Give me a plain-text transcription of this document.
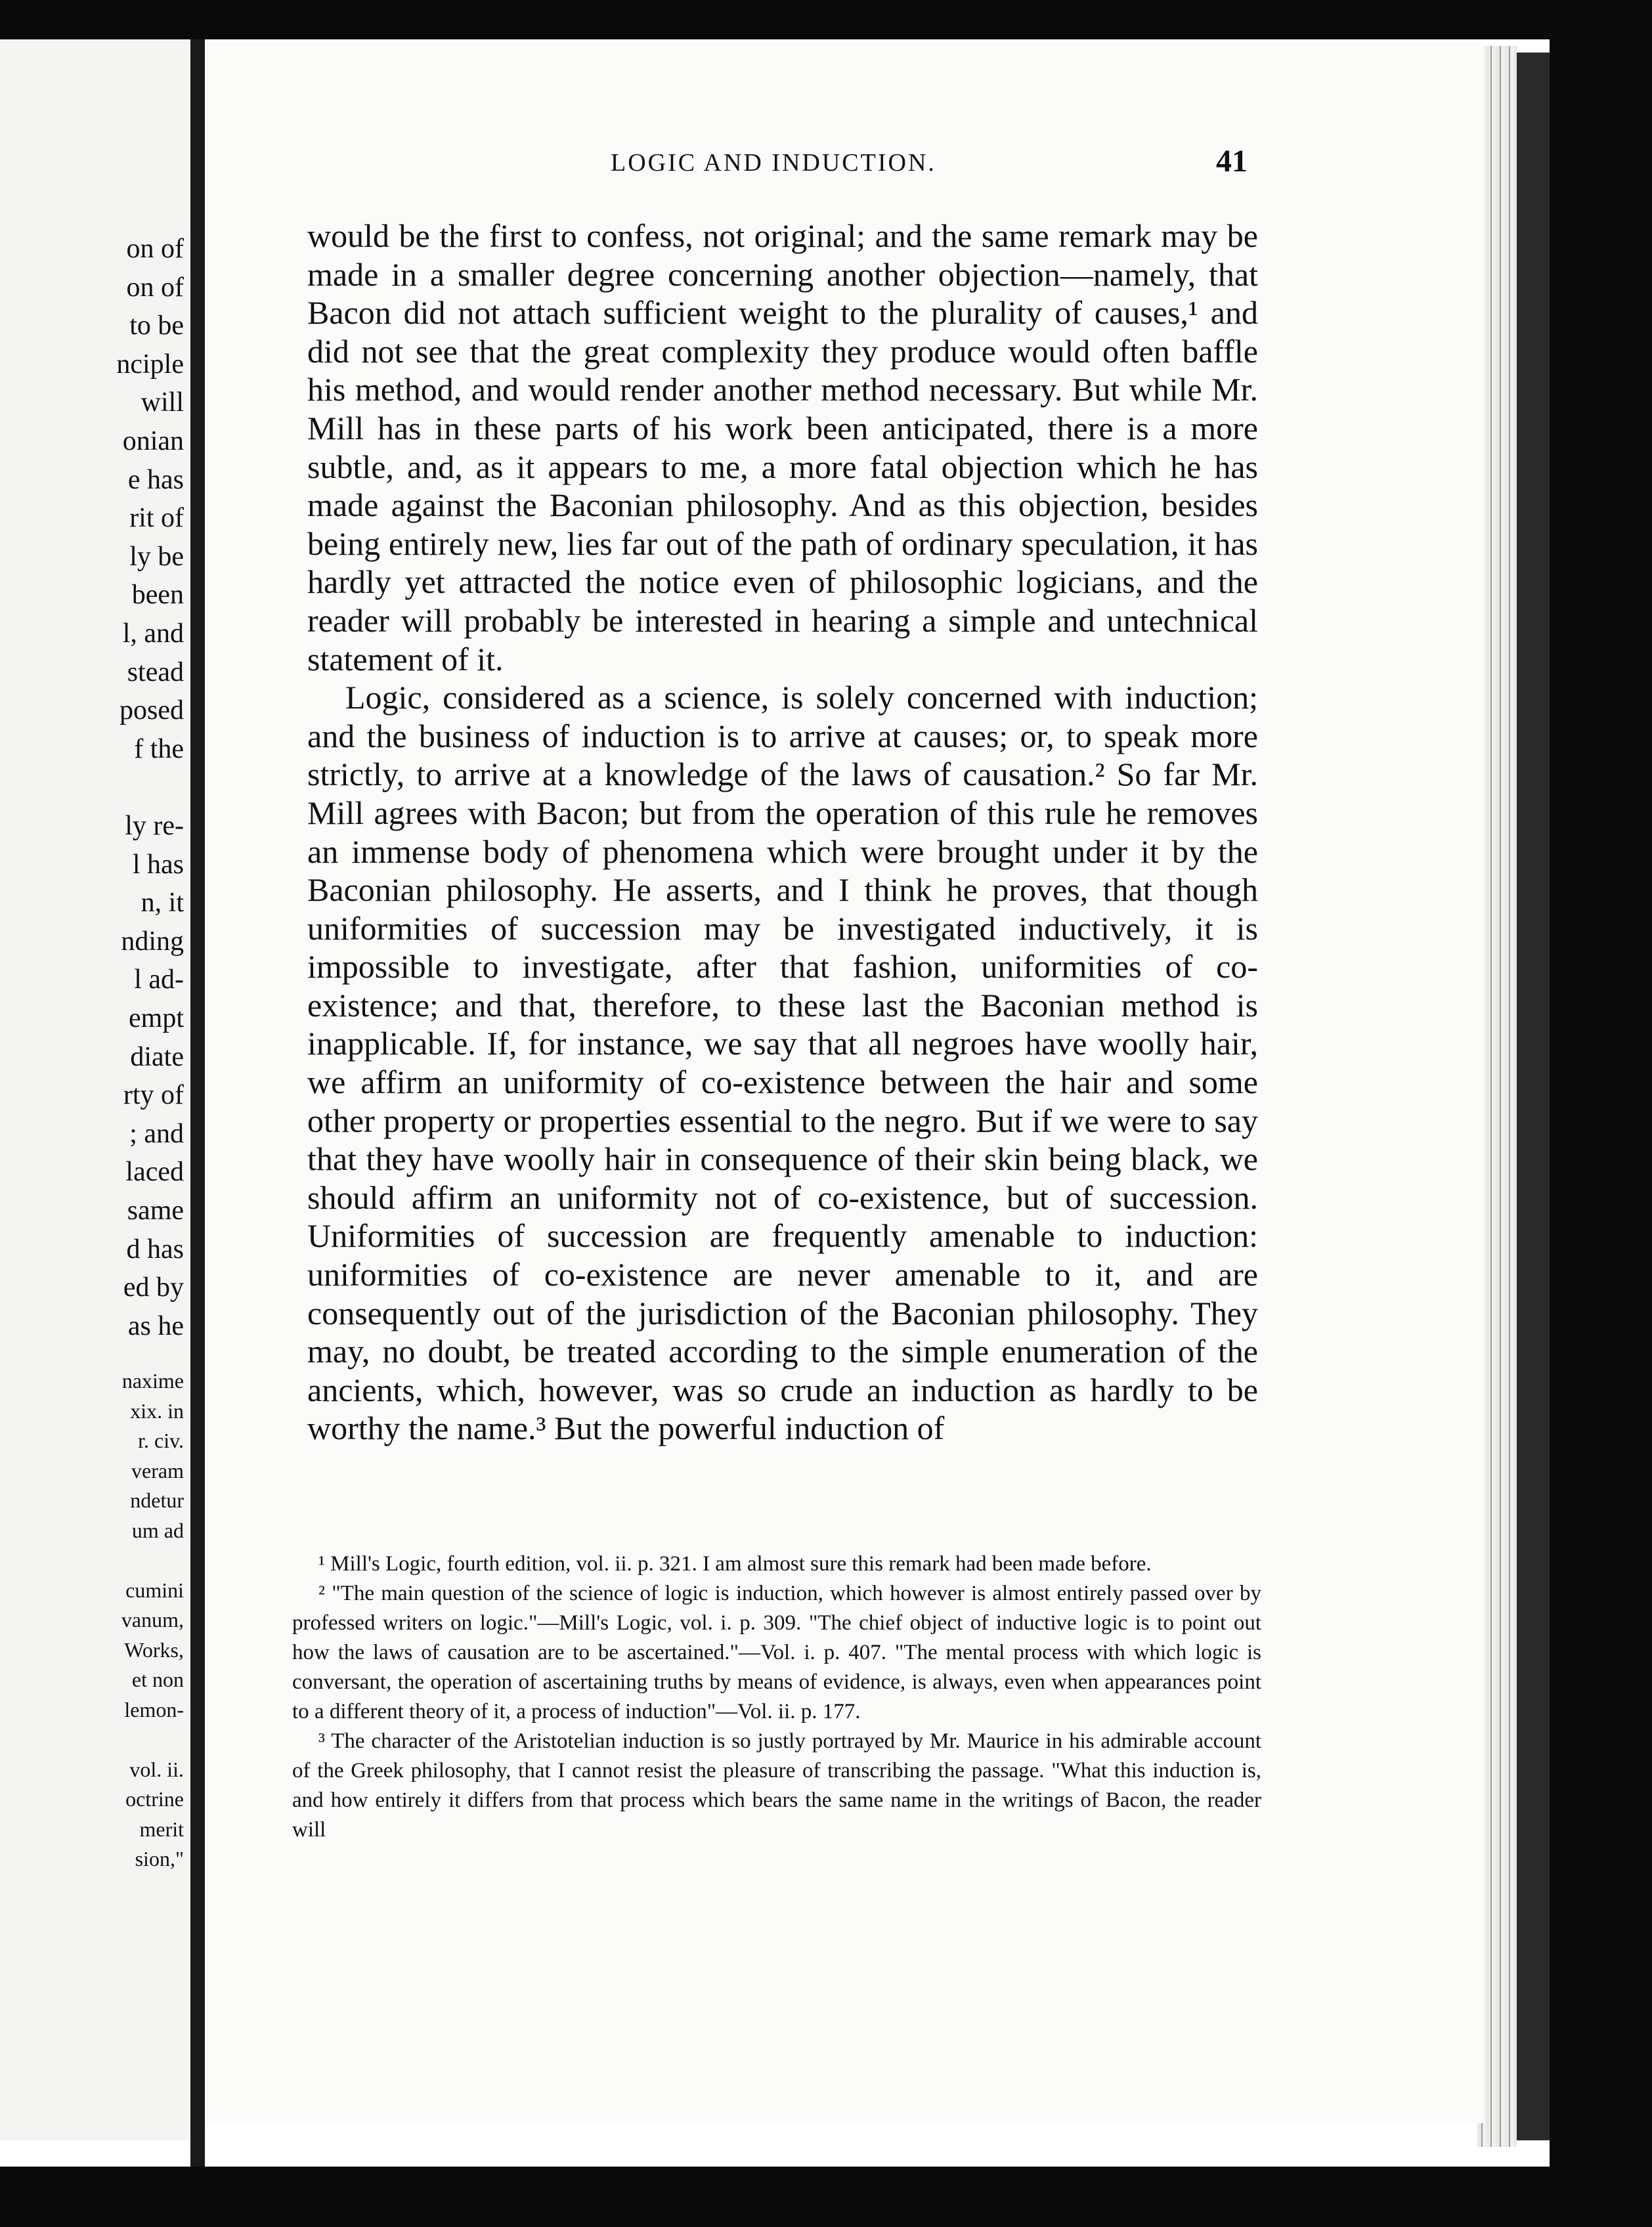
on of
on of
to be
nciple
will
onian
e has
rit of
ly be
been
l, and
stead
posed
f the
ly re-
l has
n, it
nding
l ad-
empt
diate
rty of
; and
laced
same
d has
ed by
as he
naxime
xix. in
r. civ.
veram
ndetur
um ad
cumini
vanum,
Works,
et non
lemon-
vol. ii.
octrine
merit
sion,"
LOGIC AND INDUCTION.	41

would be the first to confess, not original; and the same remark may be made in a smaller degree concerning another objection—namely, that Bacon did not attach sufficient weight to the plurality of causes,¹ and did not see that the great complexity they produce would often baffle his method, and would render another method necessary. But while Mr. Mill has in these parts of his work been anticipated, there is a more subtle, and, as it appears to me, a more fatal objection which he has made against the Baconian philosophy. And as this objection, besides being entirely new, lies far out of the path of ordinary speculation, it has hardly yet attracted the notice even of philosophic logicians, and the reader will probably be interested in hearing a simple and untechnical statement of it.

Logic, considered as a science, is solely concerned with induction; and the business of induction is to arrive at causes; or, to speak more strictly, to arrive at a knowledge of the laws of causation.² So far Mr. Mill agrees with Bacon; but from the operation of this rule he removes an immense body of phenomena which were brought under it by the Baconian philosophy. He asserts, and I think he proves, that though uniformities of succession may be investigated inductively, it is impossible to investigate, after that fashion, uniformities of co-existence; and that, therefore, to these last the Baconian method is inapplicable. If, for instance, we say that all negroes have woolly hair, we affirm an uniformity of co-existence between the hair and some other property or properties essential to the negro. But if we were to say that they have woolly hair in consequence of their skin being black, we should affirm an uniformity not of co-existence, but of succession. Uniformities of succession are frequently amenable to induction: uniformities of co-existence are never amenable to it, and are consequently out of the jurisdiction of the Baconian philosophy. They may, no doubt, be treated according to the simple enumeration of the ancients, which, however, was so crude an induction as hardly to be worthy the name.³ But the powerful induction of

¹ Mill's Logic, fourth edition, vol. ii. p. 321. I am almost sure this remark had been made before.

² "The main question of the science of logic is induction, which however is almost entirely passed over by professed writers on logic."—Mill's Logic, vol. i. p. 309. "The chief object of inductive logic is to point out how the laws of causation are to be ascertained."—Vol. i. p. 407. "The mental process with which logic is conversant, the operation of ascertaining truths by means of evidence, is always, even when appearances point to a different theory of it, a process of induction"—Vol. ii. p. 177.

³ The character of the Aristotelian induction is so justly portrayed by Mr. Maurice in his admirable account of the Greek philosophy, that I cannot resist the pleasure of transcribing the passage. "What this induction is, and how entirely it differs from that process which bears the same name in the writings of Bacon, the reader will
